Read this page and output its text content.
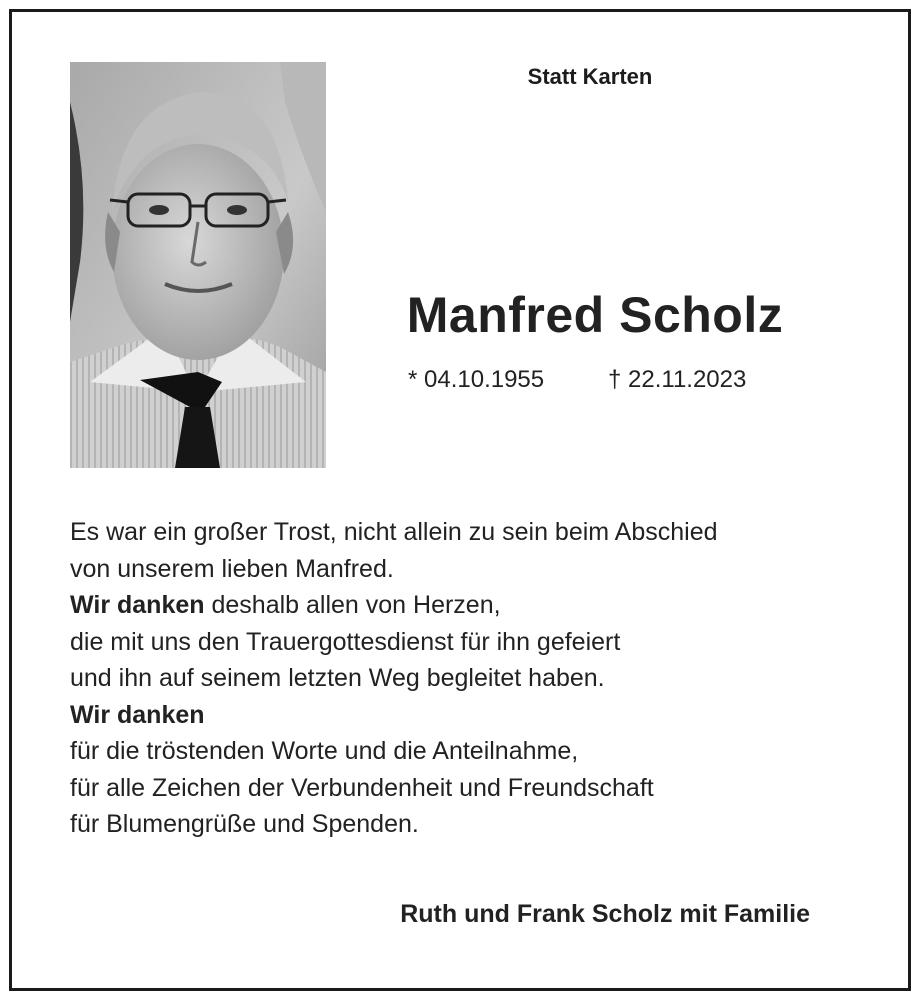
Statt Karten
Manfred Scholz
* 04.10.1955	† 22.11.2023
Es war ein großer Trost, nicht allein zu sein beim Abschied
von unserem lieben Manfred.
Wir danken deshalb allen von Herzen,
die mit uns den Trauergottesdienst für ihn gefeiert
und ihn auf seinem letzten Weg begleitet haben.
Wir danken
für die tröstenden Worte und die Anteilnahme,
für alle Zeichen der Verbundenheit und Freundschaft
für Blumengrüße und Spenden.
Ruth und Frank Scholz mit Familie
